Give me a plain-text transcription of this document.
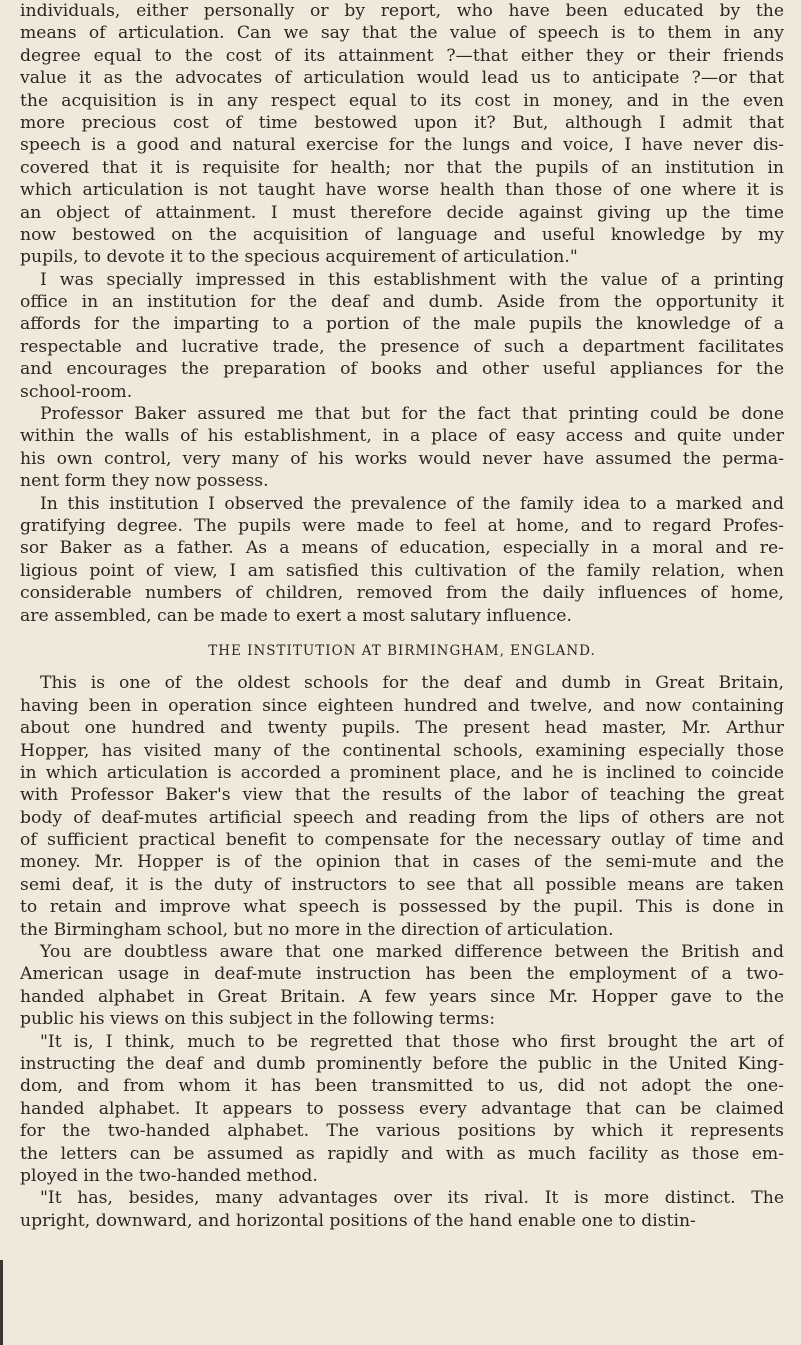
individuals, either personally or by report, who have been educated by the
means of articulation. Can we say that the value of speech is to them in any
degree equal to the cost of its attainment ?—that either they or their friends
value it as the advocates of articulation would lead us to anticipate ?—or that
the acquisition is in any respect equal to its cost in money, and in the even
more precious cost of time bestowed upon it? But, although I admit that
speech is a good and natural exercise for the lungs and voice, I have never dis-
covered that it is requisite for health; nor that the pupils of an institution in
which articulation is not taught have worse health than those of one where it is
an object of attainment. I must therefore decide against giving up the time
now bestowed on the acquisition of language and useful knowledge by my
pupils, to devote it to the specious acquirement of articulation."
I was specially impressed in this establishment with the value of a printing
office in an institution for the deaf and dumb. Aside from the opportunity it
affords for the imparting to a portion of the male pupils the knowledge of a
respectable and lucrative trade, the presence of such a department facilitates
and encourages the preparation of books and other useful appliances for the
school-room.
Professor Baker assured me that but for the fact that printing could be done
within the walls of his establishment, in a place of easy access and quite under
his own control, very many of his works would never have assumed the perma-
nent form they now possess.
In this institution I observed the prevalence of the family idea to a marked and
gratifying degree. The pupils were made to feel at home, and to regard Profes-
sor Baker as a father. As a means of education, especially in a moral and re-
ligious point of view, I am satisfied this cultivation of the family relation, when
considerable numbers of children, removed from the daily influences of home,
are assembled, can be made to exert a most salutary influence.
THE INSTITUTION AT BIRMINGHAM, ENGLAND.
This is one of the oldest schools for the deaf and dumb in Great Britain,
having been in operation since eighteen hundred and twelve, and now containing
about one hundred and twenty pupils. The present head master, Mr. Arthur
Hopper, has visited many of the continental schools, examining especially those
in which articulation is accorded a prominent place, and he is inclined to coincide
with Professor Baker's view that the results of the labor of teaching the great
body of deaf-mutes artificial speech and reading from the lips of others are not
of sufficient practical benefit to compensate for the necessary outlay of time and
money. Mr. Hopper is of the opinion that in cases of the semi-mute and the
semi deaf, it is the duty of instructors to see that all possible means are taken
to retain and improve what speech is possessed by the pupil. This is done in
the Birmingham school, but no more in the direction of articulation.
You are doubtless aware that one marked difference between the British and
American usage in deaf-mute instruction has been the employment of a two-
handed alphabet in Great Britain. A few years since Mr. Hopper gave to the
public his views on this subject in the following terms:
"It is, I think, much to be regretted that those who first brought the art of
instructing the deaf and dumb prominently before the public in the United King-
dom, and from whom it has been transmitted to us, did not adopt the one-
handed alphabet. It appears to possess every advantage that can be claimed
for the two-handed alphabet. The various positions by which it represents
the letters can be assumed as rapidly and with as much facility as those em-
ployed in the two-handed method.
"It has, besides, many advantages over its rival. It is more distinct. The
upright, downward, and horizontal positions of the hand enable one to distin-
